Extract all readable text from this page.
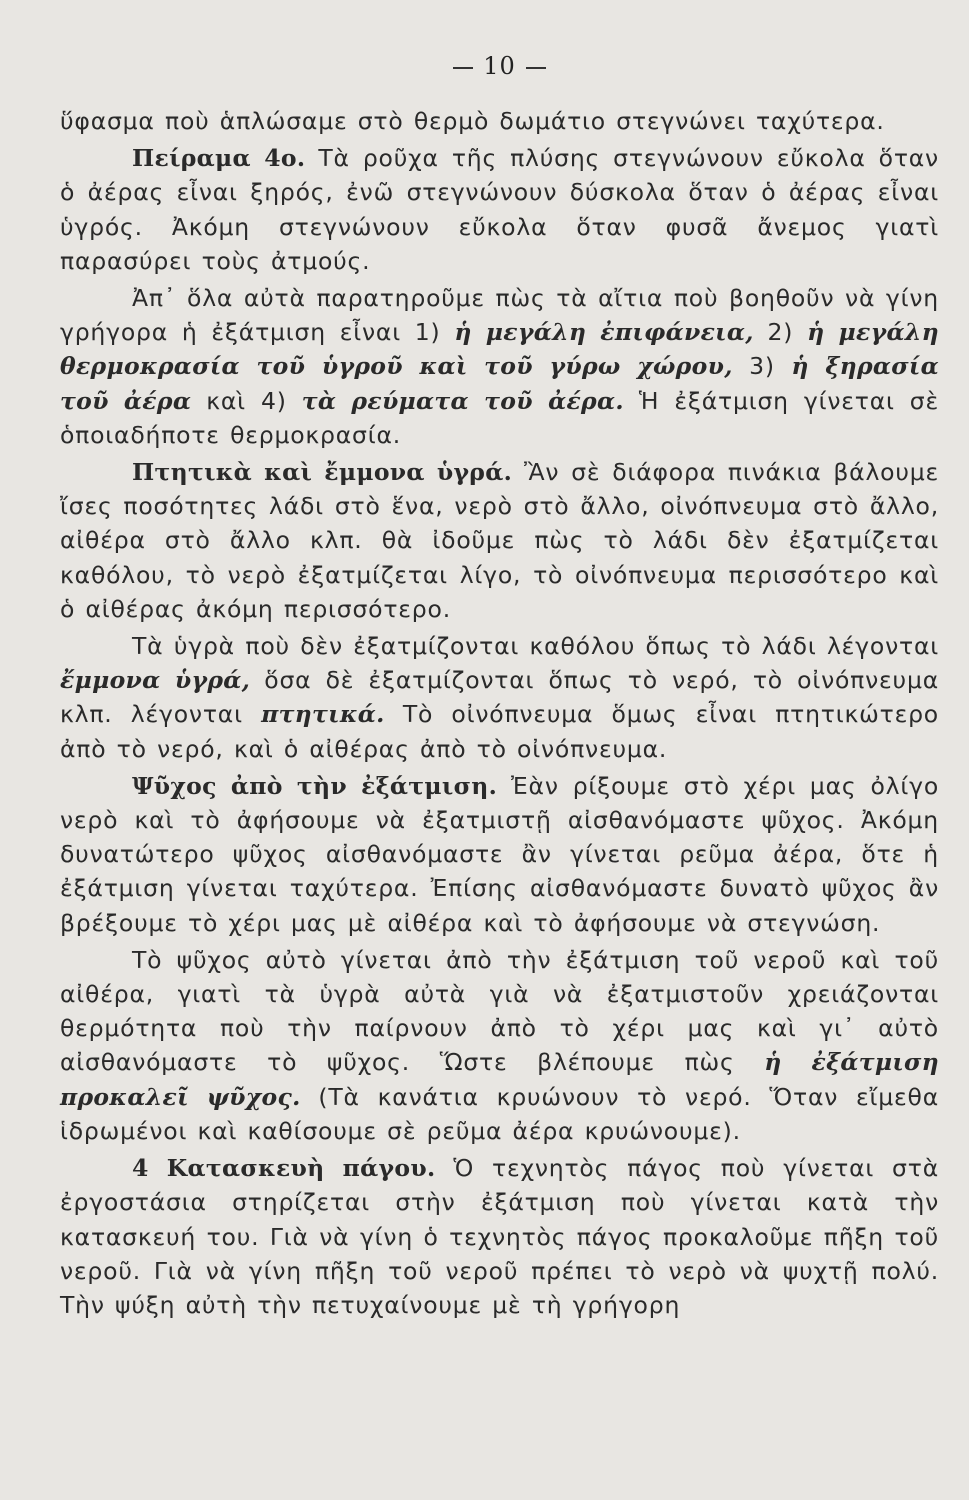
10

ὕφασμα ποὺ ἁπλώσαμε στὸ θερμὸ δωμάτιο στεγνώνει ταχύτερα.

Πείραμα 4ο. Τὰ ροῦχα τῆς πλύσης στεγνώνουν εὔκολα ὅταν ὁ ἀέρας εἶναι ξηρός, ἐνῶ στεγνώνουν δύσκολα ὅταν ὁ ἀέρας εἶναι ὑγρός. Ἀκόμη στεγνώνουν εὔκολα ὅταν φυσᾶ ἄνεμος γιατὶ παρασύρει τοὺς ἀτμούς.

Ἀπ᾽ ὅλα αὐτὰ παρατηροῦμε πὼς τὰ αἴτια ποὺ βοηθοῦν νὰ γίνη γρήγορα ἡ ἐξάτμιση εἶναι 1) ἡ μεγάλη ἐπιφάνεια, 2) ἡ μεγάλη θερμοκρασία τοῦ ὑγροῦ καὶ τοῦ γύρω χώρου, 3) ἡ ξηρασία τοῦ ἀέρα καὶ 4) τὰ ρεύματα τοῦ ἀέρα. Ἡ ἐξάτμιση γίνεται σὲ ὁποιαδήποτε θερμοκρασία.

Πτητικὰ καὶ ἔμμονα ὑγρά. Ἂν σὲ διάφορα πινάκια βάλουμε ἴσες ποσότητες λάδι στὸ ἕνα, νερὸ στὸ ἄλλο, οἰνόπνευμα στὸ ἄλλο, αἰθέρα στὸ ἄλλο κλπ. θὰ ἰδοῦμε πὼς τὸ λάδι δὲν ἐξατμίζεται καθόλου, τὸ νερὸ ἐξατμίζεται λίγο, τὸ οἰνόπνευμα περισσότερο καὶ ὁ αἰθέρας ἀκόμη περισσότερο.

Τὰ ὑγρὰ ποὺ δὲν ἐξατμίζονται καθόλου ὅπως τὸ λάδι λέγονται ἔμμονα ὑγρά, ὅσα δὲ ἐξατμίζονται ὅπως τὸ νερό, τὸ οἰνόπνευμα κλπ. λέγονται πτητικά. Τὸ οἰνόπνευμα ὅμως εἶναι πτητικώτερο ἀπὸ τὸ νερό, καὶ ὁ αἰθέρας ἀπὸ τὸ οἰνόπνευμα.

Ψῦχος ἀπὸ τὴν ἐξάτμιση. Ἐὰν ρίξουμε στὸ χέρι μας ὀλίγο νερὸ καὶ τὸ ἀφήσουμε νὰ ἐξατμιστῇ αἰσθανόμαστε ψῦχος. Ἀκόμη δυνατώτερο ψῦχος αἰσθανόμαστε ἂν γίνεται ρεῦμα ἀέρα, ὅτε ἡ ἐξάτμιση γίνεται ταχύτερα. Ἐπίσης αἰσθανόμαστε δυνατὸ ψῦχος ἂν βρέξουμε τὸ χέρι μας μὲ αἰθέρα καὶ τὸ ἀφήσουμε νὰ στεγνώση.

Τὸ ψῦχος αὐτὸ γίνεται ἀπὸ τὴν ἐξάτμιση τοῦ νεροῦ καὶ τοῦ αἰθέρα, γιατὶ τὰ ὑγρὰ αὐτὰ γιὰ νὰ ἐξατμιστοῦν χρειάζονται θερμότητα ποὺ τὴν παίρνουν ἀπὸ τὸ χέρι μας καὶ γι᾽ αὐτὸ αἰσθανόμαστε τὸ ψῦχος. Ὥστε βλέπουμε πὼς ἡ ἐξάτμιση προκαλεῖ ψῦχος. (Τὰ κανάτια κρυώνουν τὸ νερό. Ὅταν εἴμεθα ἱδρωμένοι καὶ καθίσουμε σὲ ρεῦμα ἀέρα κρυώνουμε).

4 Κατασκευὴ πάγου. Ὁ τεχνητὸς πάγος ποὺ γίνεται στὰ ἐργοστάσια στηρίζεται στὴν ἐξάτμιση ποὺ γίνεται κατὰ τὴν κατασκευή του. Γιὰ νὰ γίνη ὁ τεχνητὸς πάγος προκαλοῦμε πῆξη τοῦ νεροῦ. Γιὰ νὰ γίνη πῆξη τοῦ νεροῦ πρέπει τὸ νερὸ νὰ ψυχτῇ πολύ. Τὴν ψύξη αὐτὴ τὴν πετυχαίνουμε μὲ τὴ γρήγορη
